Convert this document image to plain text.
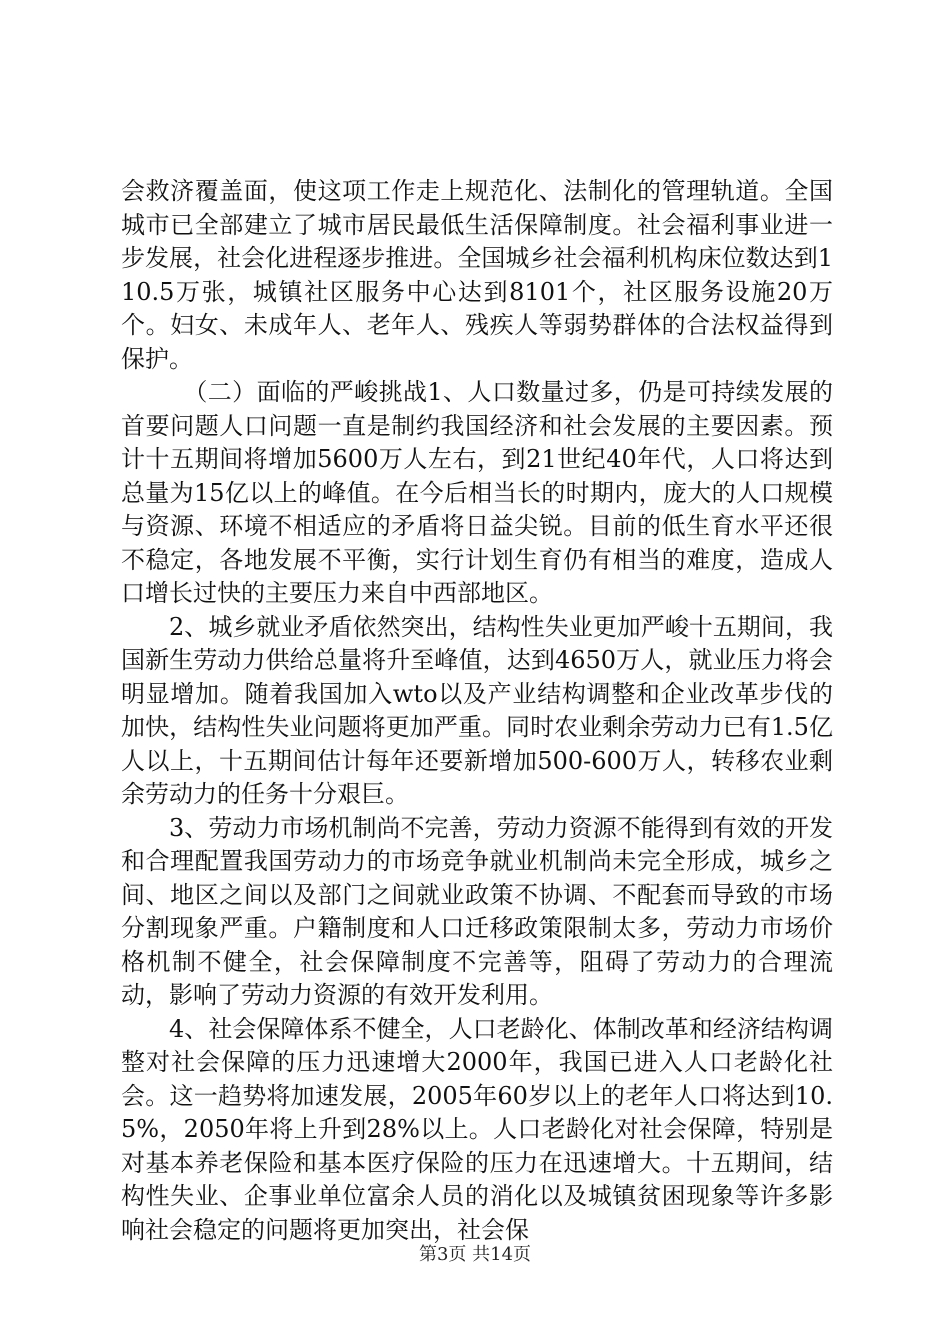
会救济覆盖面，使这项工作走上规范化、法制化的管理轨道。全国城市已全部建立了城市居民最低生活保障制度。社会福利事业进一步发展，社会化进程逐步推进。全国城乡社会福利机构床位数达到110.5万张，城镇社区服务中心达到8101个，社区服务设施20万个。妇女、未成年人、老年人、残疾人等弱势群体的合法权益得到保护。

（二）面临的严峻挑战1、人口数量过多，仍是可持续发展的首要问题人口问题一直是制约我国经济和社会发展的主要因素。预计十五期间将增加5600万人左右，到21世纪40年代，人口将达到总量为15亿以上的峰值。在今后相当长的时期内，庞大的人口规模与资源、环境不相适应的矛盾将日益尖锐。目前的低生育水平还很不稳定，各地发展不平衡，实行计划生育仍有相当的难度，造成人口增长过快的主要压力来自中西部地区。

2、城乡就业矛盾依然突出，结构性失业更加严峻十五期间，我国新生劳动力供给总量将升至峰值，达到4650万人，就业压力将会明显增加。随着我国加入wto以及产业结构调整和企业改革步伐的加快，结构性失业问题将更加严重。同时农业剩余劳动力已有1.5亿人以上，十五期间估计每年还要新增加500-600万人，转移农业剩余劳动力的任务十分艰巨。

3、劳动力市场机制尚不完善，劳动力资源不能得到有效的开发和合理配置我国劳动力的市场竞争就业机制尚未完全形成，城乡之间、地区之间以及部门之间就业政策不协调、不配套而导致的市场分割现象严重。户籍制度和人口迁移政策限制太多，劳动力市场价格机制不健全，社会保障制度不完善等，阻碍了劳动力的合理流动，影响了劳动力资源的有效开发利用。

4、社会保障体系不健全，人口老龄化、体制改革和经济结构调整对社会保障的压力迅速增大2000年，我国已进入人口老龄化社会。这一趋势将加速发展，2005年60岁以上的老年人口将达到10.5%，2050年将上升到28%以上。人口老龄化对社会保障，特别是对基本养老保险和基本医疗保险的压力在迅速增大。十五期间，结构性失业、企事业单位富余人员的消化以及城镇贫困现象等许多影响社会稳定的问题将更加突出，社会保

第3页 共14页
